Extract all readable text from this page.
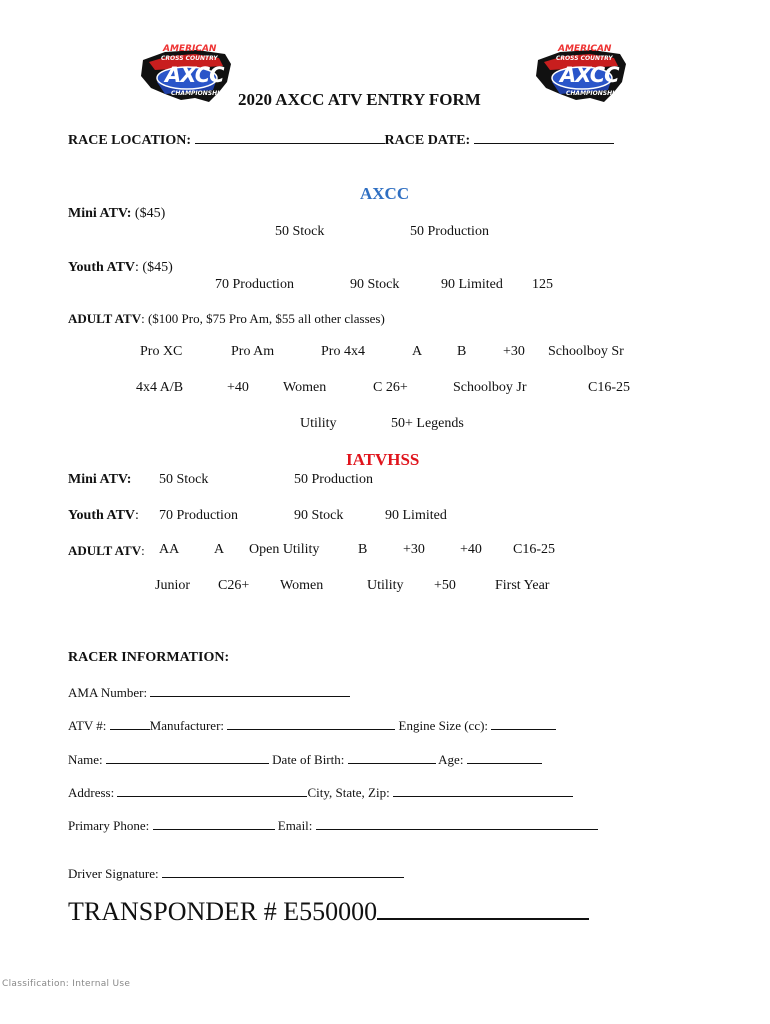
AMERICAN
CROSS COUNTRY
AXCC
CHAMPIONSHIP
AMERICAN
CROSS COUNTRY
AXCC
CHAMPIONSHIP
2020 AXCC ATV ENTRY FORM
RACE LOCATION:	RACE DATE:
AXCC
Mini ATV: ($45)
50 Stock	50 Production
Youth ATV: ($45)
70 Production	90 Stock	90 Limited 125
ADULT ATV: ($100 Pro, $75 Pro Am, $55 all other classes)
Pro XC	Pro Am	Pro 4x4	A B	+30 Schoolboy Sr
4x4 A/B	+40 Women	C 26+	Schoolboy Jr	C16-25
Utility	50+ Legends
IATVHSS
Mini ATV: 50 Stock	50 Production
Youth ATV: 70 Production	90 Stock	90 Limited
ADULT ATV: AA A Open Utility	B	+30	+40 C16-25
Junior C26+ Women	Utility +50	First Year
RACER INFORMATION:
AMA Number:
ATV #:	Manufacturer:	Engine Size (cc):
Name:	Date of Birth:	Age:
Address:	City, State, Zip:
Primary Phone:	Email:
Driver Signature:
TRANSPONDER # E550000
Classification: Internal Use
